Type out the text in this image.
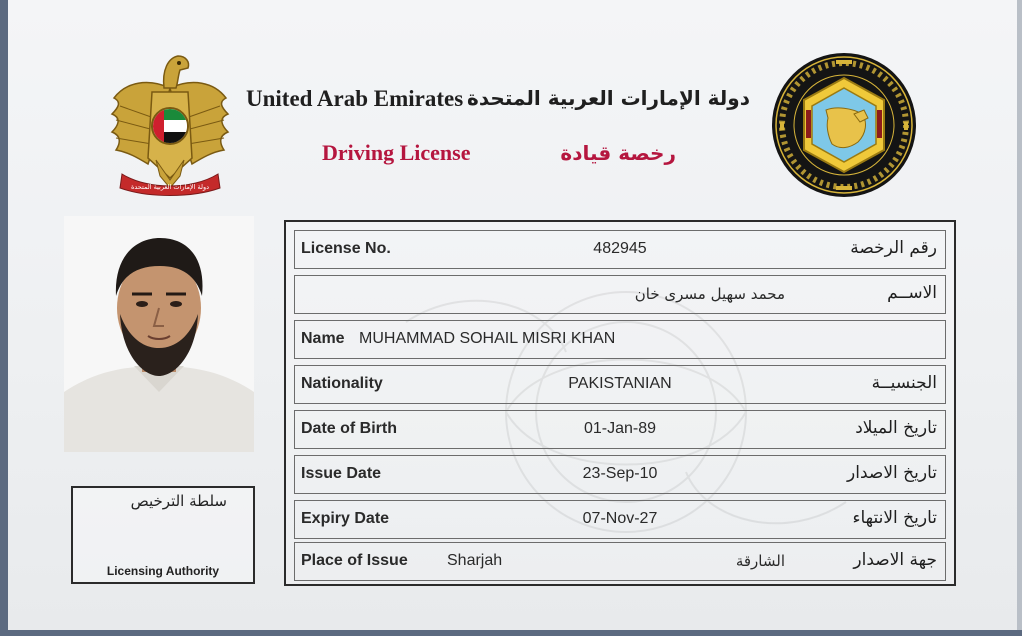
دولة الإمارات العربية المتحدة
United Arab Emirates دولة الإمارات العربية المتحدة
Driving License	رخصة قيادة
سلطة الترخيص
Licensing Authority
License No.	482945	رقم الرخصة
محمد سهيل مسرى خان	الاســم
Name MUHAMMAD SOHAIL MISRI KHAN
Nationality	PAKISTANIAN	الجنسيــة
Date of Birth	01-Jan-89	تاريخ الميلاد
Issue Date	23-Sep-10	تاريخ الاصدار
Expiry Date	07-Nov-27	تاريخ الانتهاء
Place of Issue Sharjah	الشارقة	جهة الاصدار
